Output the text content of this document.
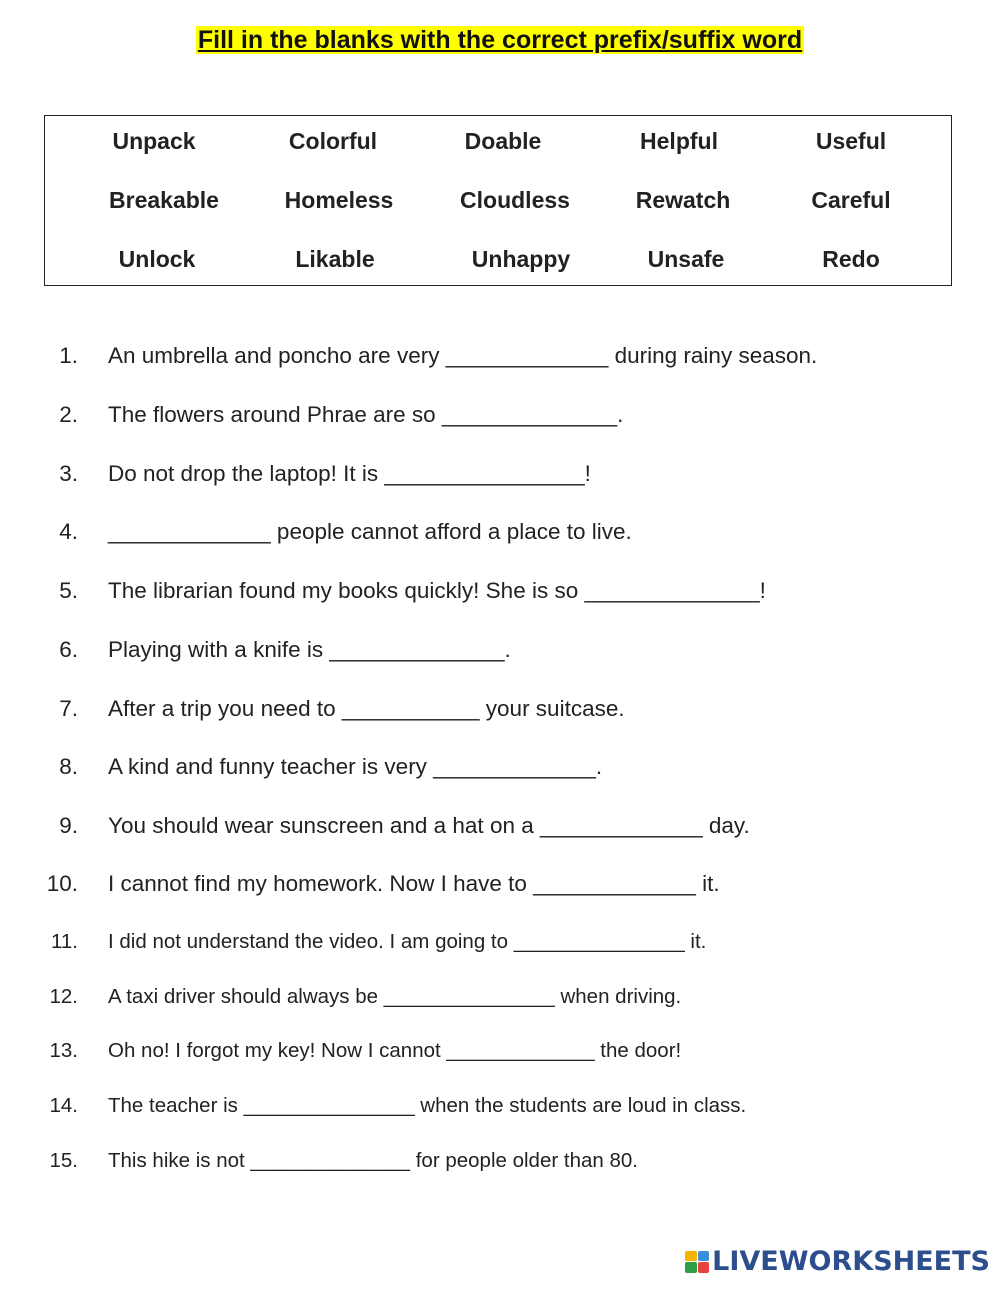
Fill in the blanks with the correct prefix/suffix word
Unpack	Colorful	Doable	Helpful	Useful
Breakable	Homeless	Cloudless	Rewatch	Careful
Unlock	Likable	Unhappy	Unsafe	Redo
1. An umbrella and poncho are very _____________ during rainy season.
2. The flowers around Phrae are so ______________.
3. Do not drop the laptop! It is ________________!
4. _____________ people cannot afford a place to live.
5. The librarian found my books quickly! She is so ______________!
6. Playing with a knife is ______________.
7. After a trip you need to ___________ your suitcase.
8. A kind and funny teacher is very _____________.
9. You should wear sunscreen and a hat on a _____________ day.
10. I cannot find my homework. Now I have to _____________ it.
11. I did not understand the video. I am going to _______________ it.
12. A taxi driver should always be _______________ when driving.
13. Oh no! I forgot my key! Now I cannot _____________ the door!
14. The teacher is _______________ when the students are loud in class.
15. This hike is not ______________ for people older than 80.
LIVEWORKSHEETS
